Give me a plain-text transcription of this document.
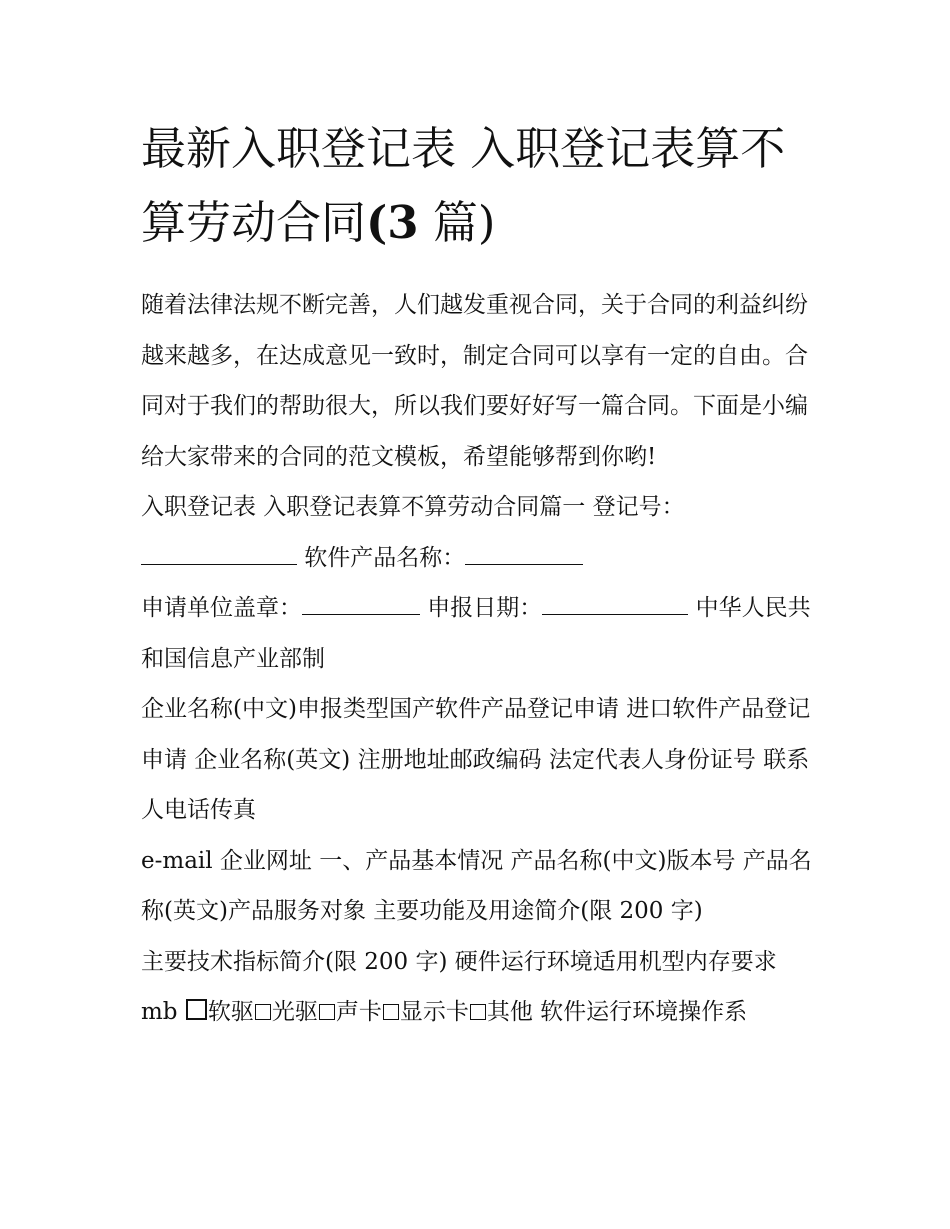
最新入职登记表 入职登记表算不算劳动合同(3 篇)

随着法律法规不断完善，人们越发重视合同，关于合同的利益纠纷越来越多，在达成意见一致时，制定合同可以享有一定的自由。合同对于我们的帮助很大，所以我们要好好写一篇合同。下面是小编给大家带来的合同的范文模板，希望能够帮到你哟!

入职登记表 入职登记表算不算劳动合同篇一 登记号：

软件产品名称：

申请单位盖章：	申报日期：	中华人民共和国信息产业部制

企业名称(中文)申报类型国产软件产品登记申请 进口软件产品登记申请 企业名称(英文) 注册地址邮政编码 法定代表人身份证号 联系人电话传真

e-mail 企业网址 一、产品基本情况 产品名称(中文)版本号 产品名称(英文)产品服务对象 主要功能及用途简介(限 200 字)

主要技术指标简介(限 200 字) 硬件运行环境适用机型内存要求
mb 软驱 光驱 声卡 显示卡 其他 软件运行环境操作系
